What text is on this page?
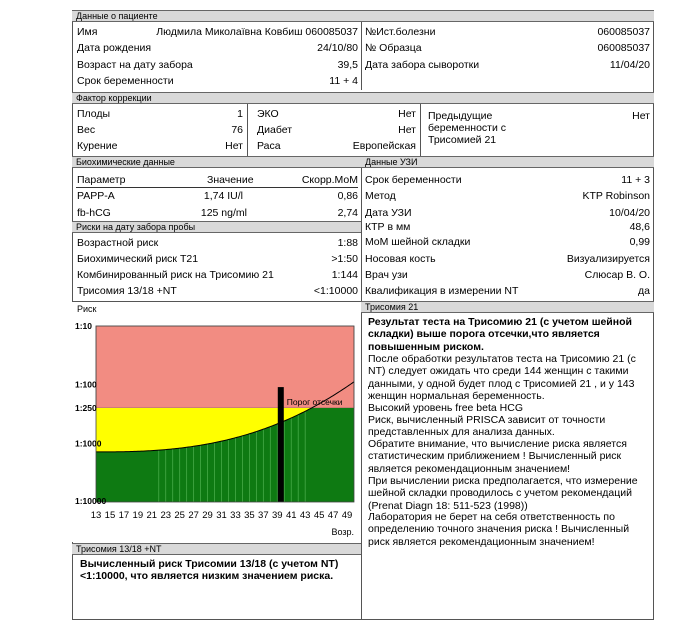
Данные о пациенте
Имя	Людмила Миколаївна Ковбиш 060085037
Дата рождения	24/10/80
Возраст на дату забора	39,5
Срок беременности	11 + 4
№Ист.болезни	060085037
№ Образца	060085037
Дата забора сыворотки	11/04/20
Фактор коррекции
Плоды	1
Вес	76
Курение	Нет
ЭКО	Нет
Диабет	Нет
Раса	Европейская
Предыдущие
беременности с
Трисомией 21
Нет
Биохимические данные
Параметр	Значение	Скорр.МоМ
PAPP-A	1,74 IU/l	0,86
fb-hCG	125 ng/ml	2,74
Риски на дату забора пробы
Возрастной риск	1:88
Биохимический риск T21	>1:50
Комбинированный риск на Трисомию 21	1:144
Трисомия 13/18 +NT	<1:10000
Данные УЗИ
Срок беременности	11 + 3
Метод	KTP Robinson
Дата УЗИ	10/04/20
КТР в мм	48,6
MoM шейной складки	0,99
Носовая кость	Визуализируется
Врач узи	Слюсар В. О.
Квалификация в измерении NT	да
Риск
Порог отсечки
1:10
1:100
1:250
1:1000
1:10000
13 15 17 19 21 23 25 27 29 31 33 35 37 39 41 43 45 47 49
Возр.
Трисомия 21
Результат теста на Трисомию 21 (с учетом шейной складки) выше порога отсечки,что является повышенным риском.
После обработки результатов теста на Трисомию 21 (с NT) следует ожидать что среди 144 женщин с такими данными, у одной будет плод с Трисомией 21 , и у 143 женщин нормальная беременность.
Высокий уровень free beta HCG
Риск, вычисленный PRISCA зависит от точности представленных для анализа данных.
Обратите внимание, что вычисление риска является статистическим приближением ! Вычисленный риск является рекомендационным значением!
При вычислении риска предполагается, что измерение шейной складки проводилось с учетом рекомендаций (Prenat Diagn 18: 511-523 (1998))
Лаборатория не берет на себя ответственность по определению точного значения риска ! Вычисленный риск является рекомендационным значением!
Трисомия 13/18 +NT
Вычисленный риск Трисомии 13/18 (с учетом NT) <1:10000, что является низким значением риска.
